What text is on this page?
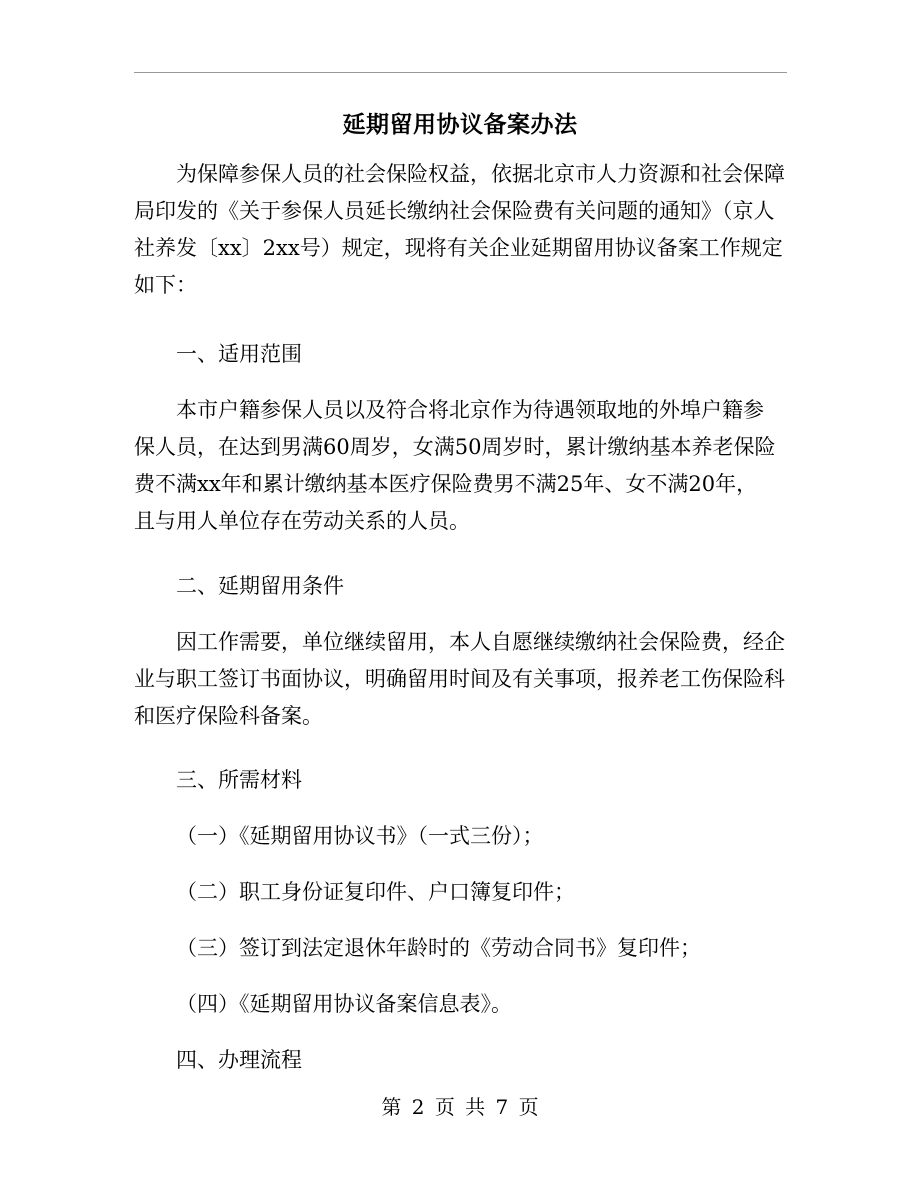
延期留用协议备案办法

为保障参保人员的社会保险权益，依据北京市人力资源和社会保障
局印发的《关于参保人员延长缴纳社会保险费有关问题的通知》（京人
社养发〔xx〕2xx号）规定，现将有关企业延期留用协议备案工作规定
如下：

一、适用范围

本市户籍参保人员以及符合将北京作为待遇领取地的外埠户籍参
保人员，在达到男满60周岁，女满50周岁时，累计缴纳基本养老保险
费不满xx年和累计缴纳基本医疗保险费男不满25年、女不满20年，
且与用人单位存在劳动关系的人员。

二、延期留用条件

因工作需要，单位继续留用，本人自愿继续缴纳社会保险费，经企
业与职工签订书面协议，明确留用时间及有关事项，报养老工伤保险科
和医疗保险科备案。

三、所需材料
（一）《延期留用协议书》（一式三份）；
（二）职工身份证复印件、户口簿复印件；
（三）签订到法定退休年龄时的《劳动合同书》复印件；
（四）《延期留用协议备案信息表》。
四、办理流程
第 2 页 共 7 页
